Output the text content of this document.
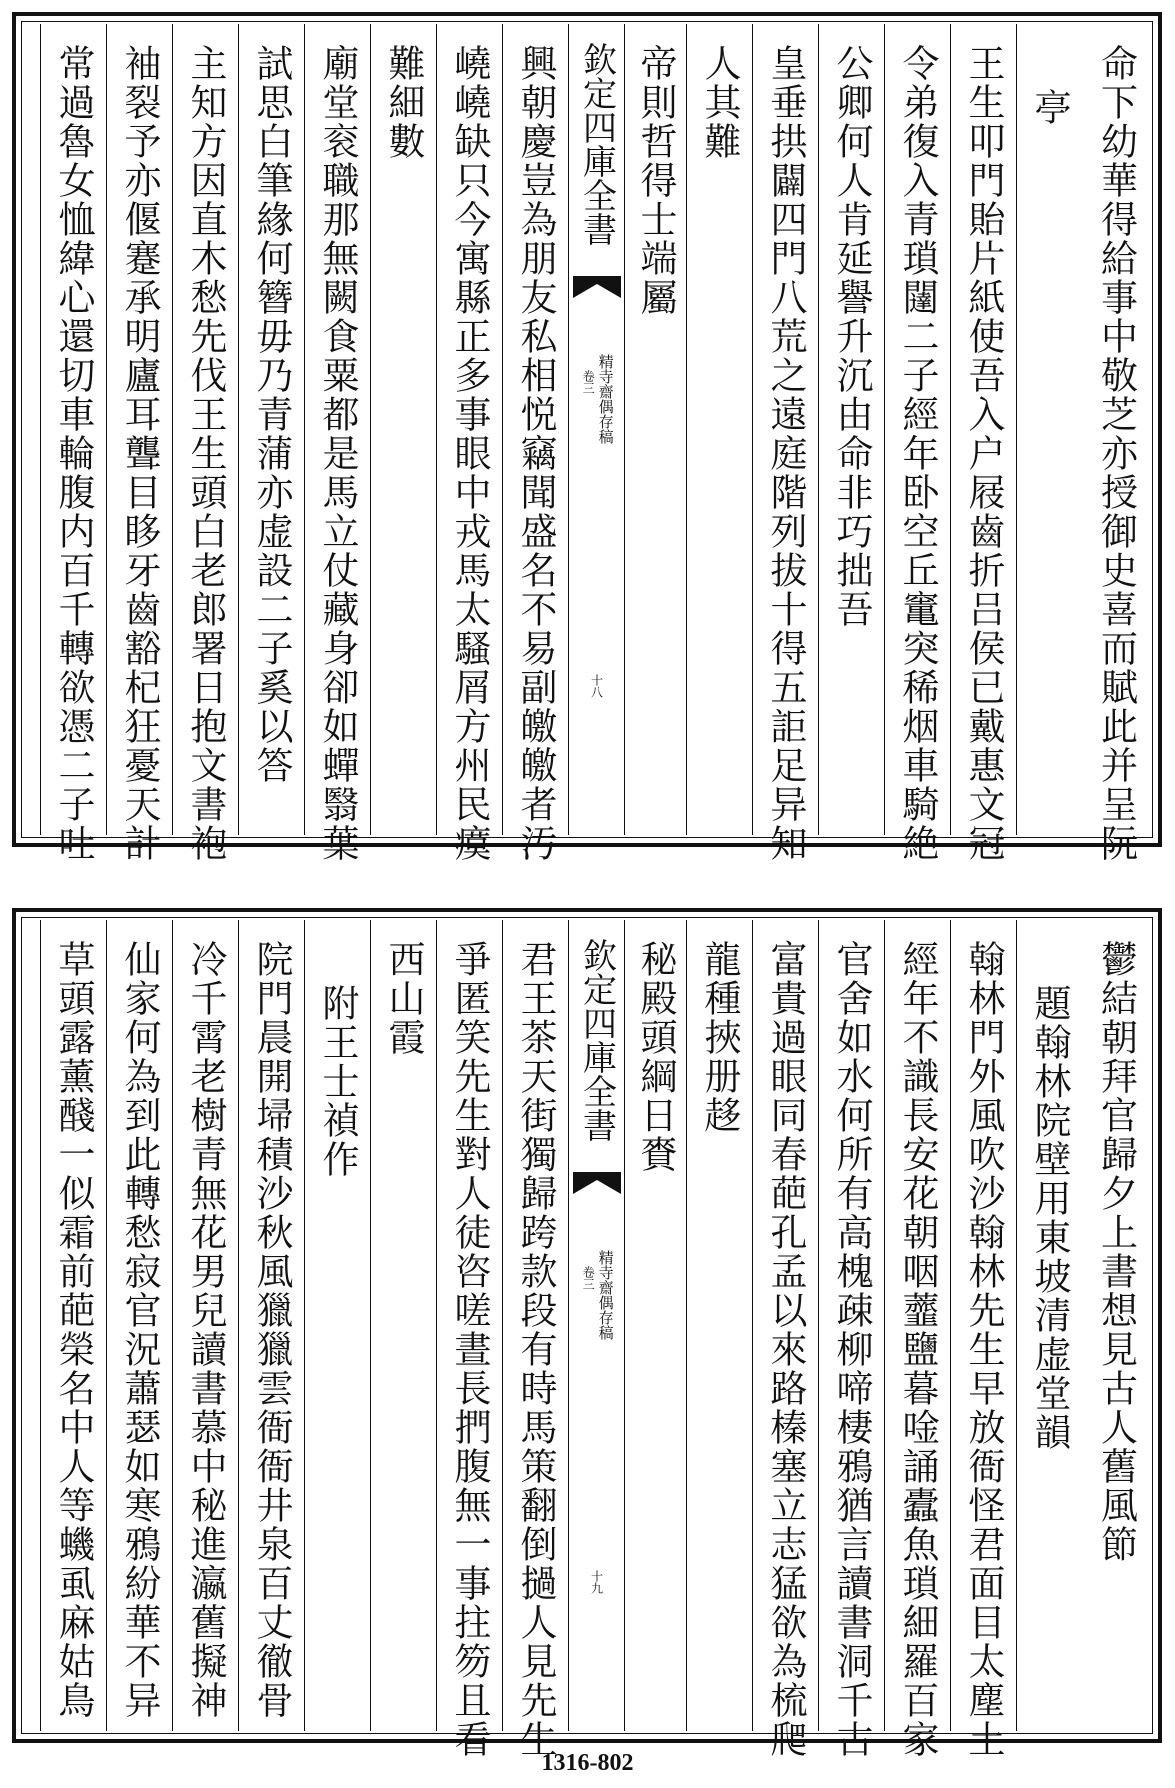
命下幼華得給事中敬芝亦授御史喜而賦此并呈阮
亭
王生叩門貽片紙使吾入户屐齒折吕侯已戴惠文冠
令弟復入青瑣闥二子經年卧空丘竃突稀烟車騎絶
公卿何人肯延譽升沉由命非巧拙吾
皇垂拱闢四門八荒之遠庭階列拔十得五詎足异知
人其難
帝則哲得士端屬
欽定四庫全書
精寺齋偶存稿
卷三
十八
興朝慶豈為朋友私相悦竊聞盛名不易副皦皦者汚
嶢嶢缺只今寓縣正多事眼中戎馬太騷屑方州民瘼
難細數
廟堂衮職那無闕食粟都是馬立仗藏身卻如蟬翳葉
試思白筆緣何簪毋乃青蒲亦虚設二子奚以答
主知方因直木愁先伐王生頭白老郎署日抱文書袍
袖裂予亦偃蹇承明廬耳聾目眵牙齒豁杞狂憂天計
常過魯女恤緯心還切車輪腹内百千轉欲憑二子吐
鬱結朝拜官歸夕上書想見古人舊風節
題翰林院壁用東坡清虚堂韻
翰林門外風吹沙翰林先生早放衙怪君面目太塵土
經年不識長安花朝咽虀鹽暮唫誦蠹魚瑣細羅百家
官舍如水何所有高槐疎柳啼棲鴉猶言讀書洞千古
富貴過眼同春葩孔孟以來路榛塞立志猛欲為梳爬
龍種挾册趍
秘殿頭綱日賚
欽定四庫全書
精寺齋偶存稿
卷三
十九
君王茶天街獨歸跨款段有時馬策翻倒撾人見先生
爭匿笑先生對人徒咨嗟晝長捫腹無一事拄笏且看
西山霞
附王士禎作
院門晨開埽積沙秋風獵獵雲衙衙井泉百丈徹骨
冷千霄老樹青無花男兒讀書慕中秘進瀛舊擬神
仙家何為到此轉愁寂官況蕭瑟如寒鴉紛華不异
草頭露薰醆一似霜前葩榮名中人等蟣虱麻姑鳥
1316-802
